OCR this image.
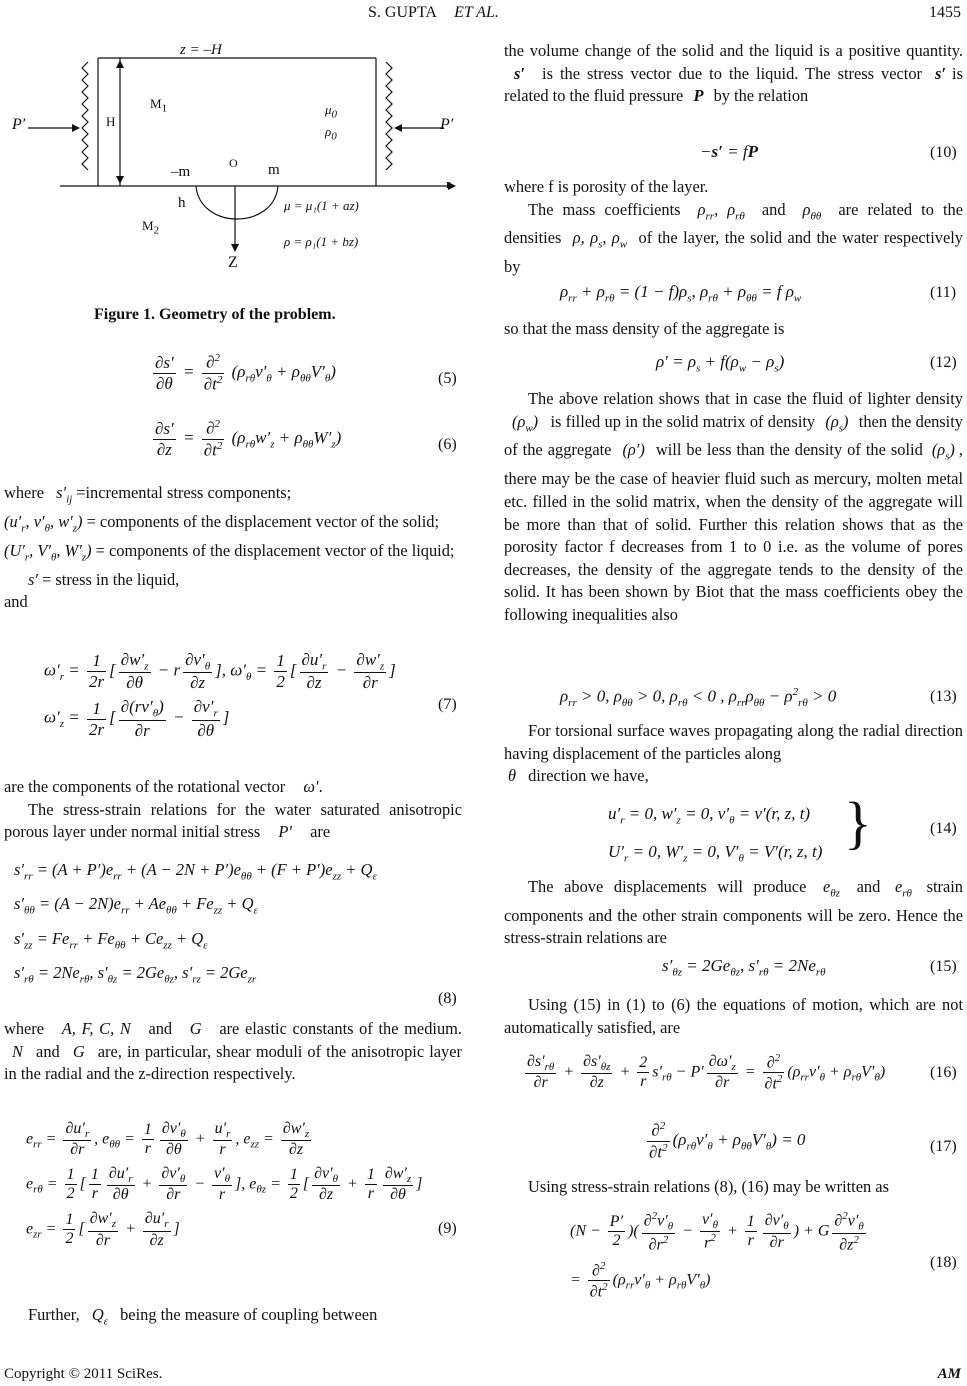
S. GUPTA ET AL.	1455
z = –H
P′	P′
$M_1$
H
$\mu_0$
$\rho_0$
O
–m	m
r
h	μ = μ₁(1 + az)
$M_2$
ρ = ρ₁(1 + bz)
Z
Figure 1. Geometry of the problem.
$\frac{\partial s'}{\partial\theta} = \frac{\partial^2}{\partial t^2} (\rho_{r\theta}v'_\theta + \rho_{\theta\theta}V'_\theta)$	(5)
$\frac{\partial s'}{\partial z} = \frac{\partial^2}{\partial t^2} (\rho_{r\theta}w'_z + \rho_{\theta\theta}W'_z)$	(6)

where $s'_{ij}$ =incremental stress components;

($u'_r$, $v'_\theta$, $w'_z$) = components of the displacement vector of the solid;

($U'_r$, $V'_\theta$, $W'_z$) = components of the displacement vector of the liquid;

s′ = stress in the liquid,

and

$\omega'_r = \frac{1}{2r}$ [ $\frac{\partial w'_z}{\partial\theta} - r \frac{\partial v'_\theta}{\partial z}$ ], $\omega'_\theta = \frac{1}{2}$ [ $\frac{\partial u'_r}{\partial z} - \frac{\partial w'_z}{\partial r}$ ]
$\omega'_z = \frac{1}{2r}$ [ $\frac{\partial(rv'_\theta)}{\partial r} - \frac{\partial v'_r}{\partial\theta}$ ]
(7)

are the components of the rotational vector ω′.

The stress-strain relations for the water saturated anisotropic porous layer under normal initial stress P′ are

$s'_{rr} = (A + P')e_{rr} + (A - 2N + P')e_{\theta\theta} + (F + P')e_{zz} + Q_\varepsilon$
$s'_{\theta\theta} = (A - 2N)e_{rr} + Ae_{\theta\theta} + Fe_{zz} + Q_\varepsilon$
$s'_{zz} = Fe_{rr} + Fe_{\theta\theta} + Ce_{zz} + Q_\varepsilon$
$s'_{r\theta} = 2Ne_{r\theta}$, $s'_{\theta z} = 2Ge_{\theta z}$, $s'_{rz} = 2Ge_{zr}$
(8)

where A, F, C, N and G are elastic constants of the medium. N and G are, in particular, shear moduli of the anisotropic layer in the radial and the z-direction respectively.

$e_{rr} = \frac{\partial u'_r}{\partial r}$ , $e_{\theta\theta} = \frac{1}{r} \frac{\partial v'_\theta}{\partial\theta} + \frac{u'_r}{r}$ , $e_{zz} = \frac{\partial w'_z}{\partial z}$
$e_{r\theta} = \frac{1}{2}$ [ $\frac{1}{r} \frac{\partial u'_r}{\partial\theta} + \frac{\partial v'_\theta}{\partial r} - \frac{v'_\theta}{r}$ ], $e_{\theta z} = \frac{1}{2}$ [ $\frac{\partial v'_\theta}{\partial z} + \frac{1}{r} \frac{\partial w'_z}{\partial\theta}$ ]
$e_{zr} = \frac{1}{2}$ [ $\frac{\partial w'_z}{\partial r} + \frac{\partial u'_r}{\partial z}$ ]	(9)

Further, $Q_\varepsilon$ being the measure of coupling between

the volume change of the solid and the liquid is a positive quantity. s′ is the stress vector due to the liquid. The stress vector s′ is related to the fluid pressure P by the relation

−s′ = fP	(10)

where f is porosity of the layer.

The mass coefficients $\rho_{rr}$, $\rho_{r\theta}$ and $\rho_{\theta\theta}$ are related to the densities ρ, $\rho_s$, $\rho_w$ of the layer, the solid and the water respectively by

$\rho_{rr} + \rho_{r\theta} = (1 - f)\rho_s$, $\rho_{r\theta} + \rho_{\theta\theta} = f$ $\rho_w$	(11)

so that the mass density of the aggregate is

$\rho' = \rho_s + f(\rho_w - \rho_s)$	(12)

The above relation shows that in case the fluid of lighter density $(\rho_w)$ is filled up in the solid matrix of density $(\rho_s)$ then the density of the aggregate (ρ′) will be less than the density of the solid $(\rho_s)$ , there may be the case of heavier fluid such as mercury, molten metal etc. filled in the solid matrix, when the density of the aggregate will be more than that of solid. Further this relation shows that as the porosity factor f decreases from 1 to 0 i.e. as the volume of pores decreases, the density of the aggregate tends to the density of the solid. It has been shown by Biot that the mass coefficients obey the following inequalities also

$\rho_{rr} > 0$, $\rho_{\theta\theta} > 0$, $\rho_{r\theta} < 0$ , $\rho_{rr}\rho_{\theta\theta} - \rho^2_{r\theta} > 0$	(13)

For torsional surface waves propagating along the radial direction having displacement of the particles along

θ direction we have,

$u'_r = 0$, $w'_z = 0$, $v'_\theta = v'(r$, z, t)
$U'_r = 0$, $W'_z = 0$, $V'_\theta = V'(r$, z, t) }	(14)

The above displacements will produce $e_{\theta z}$ and $e_{r\theta}$ strain components and the other strain components will be zero. Hence the stress-strain relations are

$s'_{\theta z} = 2Ge_{\theta z}$, $s'_{r\theta} = 2Ne_{r\theta}$	(15)

Using (15) in (1) to (6) the equations of motion, which are not automatically satisfied, are

$\frac{\partial s'_{r\theta}}{\partial r} + \frac{\partial s'_{\theta z}}{\partial z} + \frac{2}{r} s'_{r\theta} - P' \frac{\partial\omega'_z}{\partial r} = \frac{\partial^2}{\partial t^2} (\rho_{rr}v'_\theta + \rho_{r\theta}V'_\theta)$	(16)
$\frac{\partial^2}{\partial t^2} (\rho_{r\theta}v'_\theta + \rho_{\theta\theta}V'_\theta) = 0$	(17)

Using stress-strain relations (8), (16) may be written as

($N - \frac{P'}{2}$ )( $\frac{\partial^2v'_\theta}{\partial r^2} - \frac{v'_\theta}{r^2} + \frac{1}{r} \frac{\partial v'_\theta}{\partial r}$ ) + G $\frac{\partial^2v'_\theta}{\partial z^2}$
= $\frac{\partial^2}{\partial t^2} (\rho_{rr}v'_\theta + \rho_{r\theta}V'_\theta)$
(18)
Copyright © 2011 SciRes.	AM
